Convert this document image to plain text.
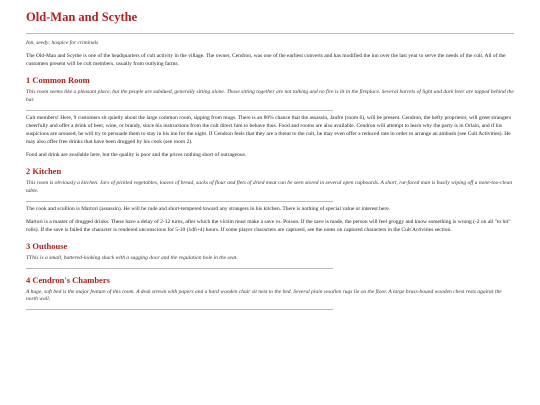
Old-Man and Scythe

Inn, seedy; hospice for criminals

The Old-Man and Scythe is one of the headquarters of cult activity in the village. The owner, Cendron, was one of the earliest converts and has modified the inn over the last year to serve the needs of the cult. All of the customers present will be cult members, usually from outlying farms.

1 Common Room

This room seems like a pleasant place, but the people are subdued, generally sitting alone. Those sitting together are not talking and no fire is lit in the fireplace. Several barrels of light and dark beer are tapped behind the bar.

Cult members! Here, 9 customers sit quietly about the large common room, sipping from mugs. There is an 80% chance that the assassin, Jaufre (room 6), will be present. Cendron, the hefty proprietor, will greet strangers cheerfully and offer a drink of beer, wine, or brandy, since his instructions from the cult direct him to behave thus. Food and rooms are also available. Cendron will attempt to learn why the party is in Orlain, and if his suspicions are aroused, he will try to persuade them to stay in his inn for the night. If Cendron feels that they are a threat to the cult, he may even offer a reduced rate in order to arrange an ambush (see Cult Activities). He may also offer free drinks that have been drugged by his cook (see room 2).

Food and drink are available here, but the quality is poor and the prices nothing short of outrageous.

2 Kitchen

This room is obviously a kitchen. Jars of pickled vegetables, loaves of bread, sacks of flour and flets of dried meat can be seen stored in several open cupboards. A short, rat-faced man is busily wiping off a none-too-clean table.

The cook and scullion is Martori (assassin). He will be rude and short-tempered toward any strangers in his kitchen. There is nothing of special value or interest here.

Martori is a master of drugged drinks. These have a delay of 2-12 turns, after which the victim must make a save vs. Poison. If the save is made, the person will feel groggy and know something is wrong (-2 on all "to hit" rolls). If the save is failed the character is rendered unconscious for 5-10 (1d6+4) hours. If some player characters are captured, see the notes on captured characters in the Cult Activities section.

3 Outhouse

TThis is a small, battered-looking shack with a sagging door and the regulation hole in the seat.

4 Cendron's Chambers

A huge, soft bed is the major feature of this room. A desk strewn with papers and a hard wooden chair sit next to the bed. Several plain woollen rugs lie on the floor. A large brass-bound wooden chest rests against the north wall.
